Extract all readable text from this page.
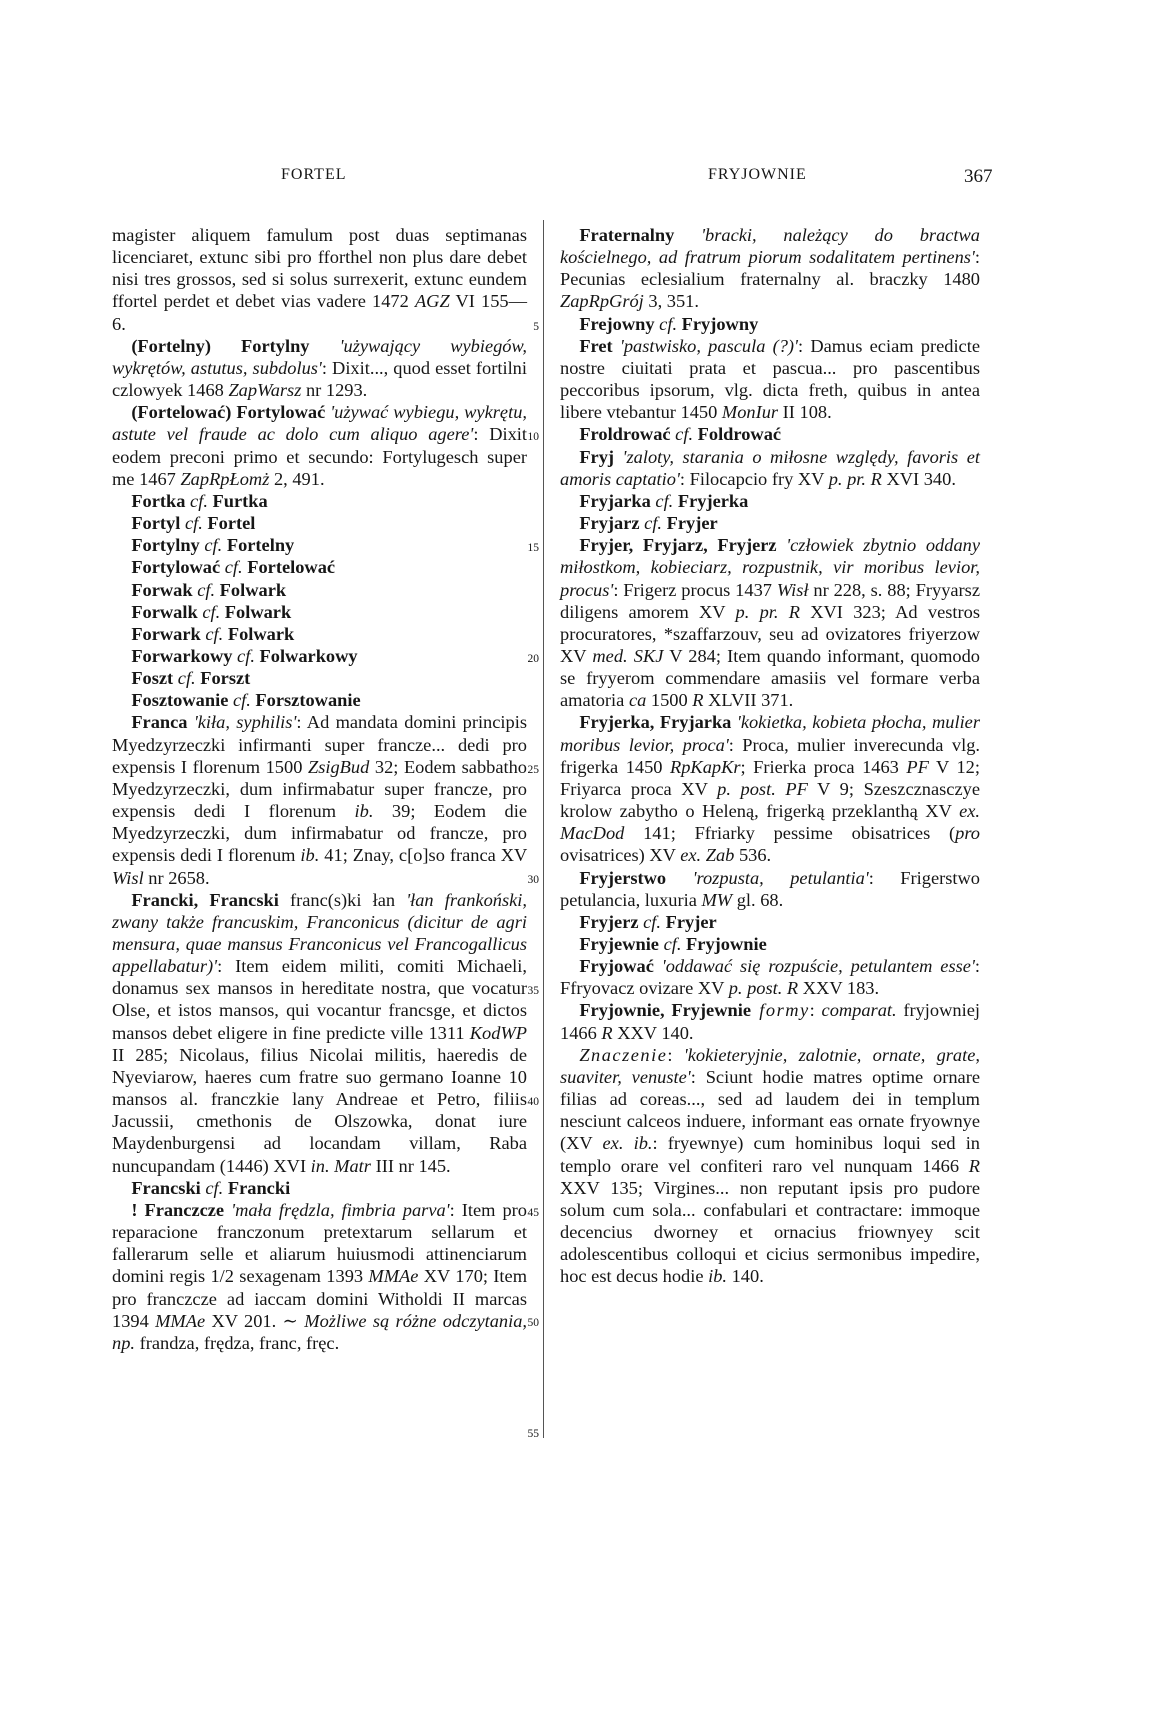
FORTEL	FRYJOWNIE	367

magister aliquem famulum post duas septimanas licenciaret, extunc sibi pro fforthel non plus dare debet nisi tres grossos, sed si solus surrexerit, extunc eundem ffortel perdet et debet vias vadere 1472 AGZ VI 155—6.

(Fortelny) Fortylny 'używający wybiegów, wykrętów, astutus, subdolus': Dixit..., quod esset fortilni czlowyek 1468 ZapWarsz nr 1293.

(Fortelować) Fortylować 'używać wybiegu, wykrętu, astute vel fraude ac dolo cum aliquo agere': Dixit eodem preconi primo et secundo: Fortylugesch super me 1467 ZapRpŁomż 2, 491.

Fortka cf. Furtka

Fortyl cf. Fortel

Fortylny cf. Fortelny

Fortylować cf. Fortelować

Forwak cf. Folwark

Forwalk cf. Folwark

Forwark cf. Folwark

Forwarkowy cf. Folwarkowy

Foszt cf. Forszt

Fosztowanie cf. Forsztowanie

Franca 'kiła, syphilis': Ad mandata domini principis Myedzyrzeczki infirmanti super francze... dedi pro expensis I florenum 1500 ZsigBud 32; Eodem sabbatho Myedzyrzeczki, dum infirmabatur super francze, pro expensis dedi I florenum ib. 39; Eodem die Myedzyrzeczki, dum infirmabatur od francze, pro expensis dedi I florenum ib. 41; Znay, c[o]so franca XV Wisl nr 2658.

Francki, Francski franc(s)ki łan 'łan frankoński, zwany także francuskim, Franconicus (dicitur de agri mensura, quae mansus Franconicus vel Francogallicus appellabatur)': Item eidem militi, comiti Michaeli, donamus sex mansos in hereditate nostra, que vocatur Olse, et istos mansos, qui vocantur francsge, et dictos mansos debet eligere in fine predicte ville 1311 KodWP II 285; Nicolaus, filius Nicolai militis, haeredis de Nyeviarow, haeres cum fratre suo germano Ioanne 10 mansos al. franczkie lany Andreae et Petro, filiis Jacussii, cmethonis de Olszowka, donat iure Maydenburgensi ad locandam villam, Raba nuncupandam (1446) XVI in. Matr III nr 145.

Francski cf. Francki

! Franczcze 'mała frędzla, fimbria parva': Item pro reparacione franczonum pretextarum sellarum et fallerarum selle et aliarum huiusmodi attinenciarum domini regis 1/2 sexagenam 1393 MMAe XV 170; Item pro franczcze ad iaccam domini Witholdi II marcas 1394 MMAe XV 201. ∼ Możliwe są różne odczytania, np. frandza, frędza, franc, fręc.

5
10
15
20
25
30
35
40
45
50
55

Fraternalny 'bracki, należący do bractwa kościelnego, ad fratrum piorum sodalitatem pertinens': Pecunias eclesialium fraternalny al. braczky 1480 ZapRpGrój 3, 351.

Frejowny cf. Fryjowny

Fret 'pastwisko, pascula (?)': Damus eciam predicte nostre ciuitati prata et pascua... pro pascentibus peccoribus ipsorum, vlg. dicta freth, quibus in antea libere vtebantur 1450 MonIur II 108.

Froldrować cf. Foldrować

Fryj 'zaloty, starania o miłosne względy, favoris et amoris captatio': Filocapcio fry XV p. pr. R XVI 340.

Fryjarka cf. Fryjerka

Fryjarz cf. Fryjer

Fryjer, Fryjarz, Fryjerz 'człowiek zbytnio oddany miłostkom, kobieciarz, rozpustnik, vir moribus levior, procus': Frigerz procus 1437 Wisł nr 228, s. 88; Fryyarsz diligens amorem XV p. pr. R XVI 323; Ad vestros procuratores, *szaffarzouv, seu ad ovizatores friyerzow XV med. SKJ V 284; Item quando informant, quomodo se fryyerom commendare amasiis vel formare verba amatoria ca 1500 R XLVII 371.

Fryjerka, Fryjarka 'kokietka, kobieta płocha, mulier moribus levior, proca': Proca, mulier inverecunda vlg. frigerka 1450 RpKapKr; Frierka proca 1463 PF V 12; Friyarca proca XV p. post. PF V 9; Szeszcznasczye krolow zabytho o Heleną, frigerką przeklanthą XV ex. MacDod 141; Ffriarky pessime obisatrices (pro ovisatrices) XV ex. Zab 536.

Fryjerstwo 'rozpusta, petulantia': Frigerstwo petulancia, luxuria MW gl. 68.

Fryjerz cf. Fryjer

Fryjewnie cf. Fryjownie

Fryjować 'oddawać się rozpuście, petulantem esse': Ffryovacz ovizare XV p. post. R XXV 183.

Fryjownie, Fryjewnie formy: comparat. fryjowniej 1466 R XXV 140.

Znaczenie: 'kokieteryjnie, zalotnie, ornate, grate, suaviter, venuste': Sciunt hodie matres optime ornare filias ad coreas..., sed ad laudem dei in templum nesciunt calceos induere, informant eas ornate fryownye (XV ex. ib.: fryewnye) cum hominibus loqui sed in templo orare vel confiteri raro vel nunquam 1466 R XXV 135; Virgines... non reputant ipsis pro pudore solum cum sola... confabulari et contractare: immoque decencius dworney et ornacius friownyey scit adolescentibus colloqui et cicius sermonibus impedire, hoc est decus hodie ib. 140.
